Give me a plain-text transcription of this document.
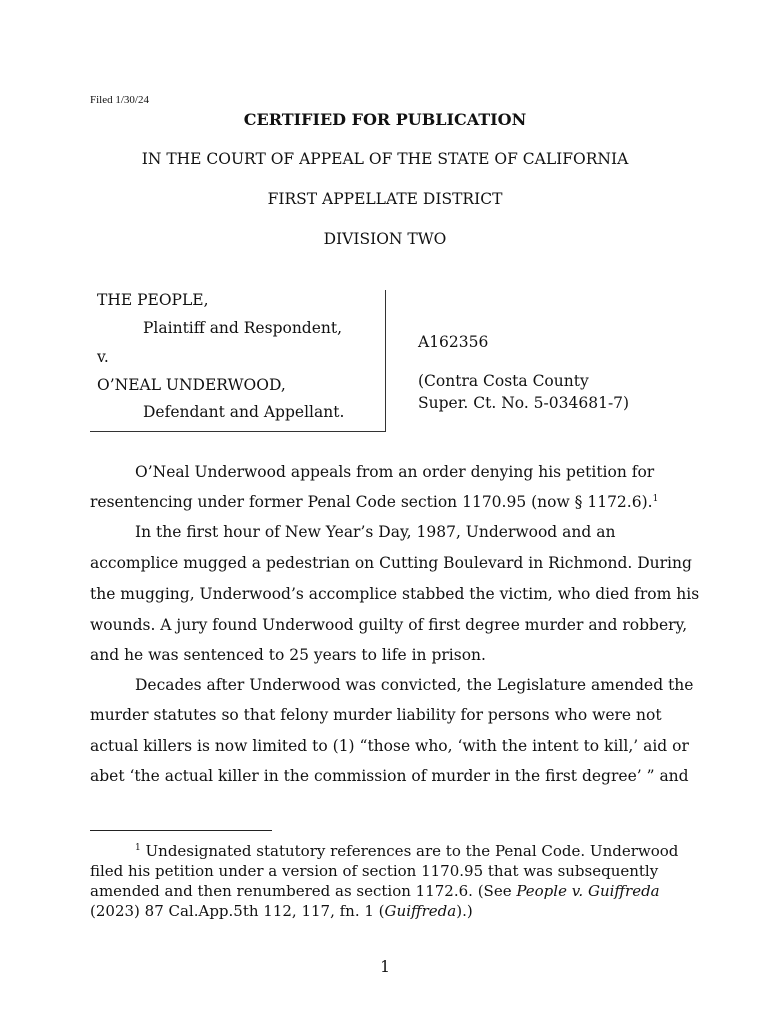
Filed 1/30/24
CERTIFIED FOR PUBLICATION
IN THE COURT OF APPEAL OF THE STATE OF CALIFORNIA
FIRST APPELLATE DISTRICT
DIVISION TWO
THE PEOPLE,
Plaintiff and Respondent,
v.
O’NEAL UNDERWOOD,
Defendant and Appellant.
A162356
(Contra Costa County
Super. Ct. No. 5-034681-7)
O’Neal Underwood appeals from an order denying his petition for
resentencing under former Penal Code section 1170.95 (now § 1172.6).$^1$
In the first hour of New Year’s Day, 1987, Underwood and an
accomplice mugged a pedestrian on Cutting Boulevard in Richmond. During
the mugging, Underwood’s accomplice stabbed the victim, who died from his
wounds. A jury found Underwood guilty of first degree murder and robbery,
and he was sentenced to 25 years to life in prison.
Decades after Underwood was convicted, the Legislature amended the
murder statutes so that felony murder liability for persons who were not
actual killers is now limited to (1) “those who, ‘with the intent to kill,’ aid or
abet ‘the actual killer in the commission of murder in the first degree’ ” and
$^1$ Undesignated statutory references are to the Penal Code. Underwood
filed his petition under a version of section 1170.95 that was subsequently
amended and then renumbered as section 1172.6. (See People v. Guiffreda
(2023) 87 Cal.App.5th 112, 117, fn. 1 (Guiffreda).)
1
